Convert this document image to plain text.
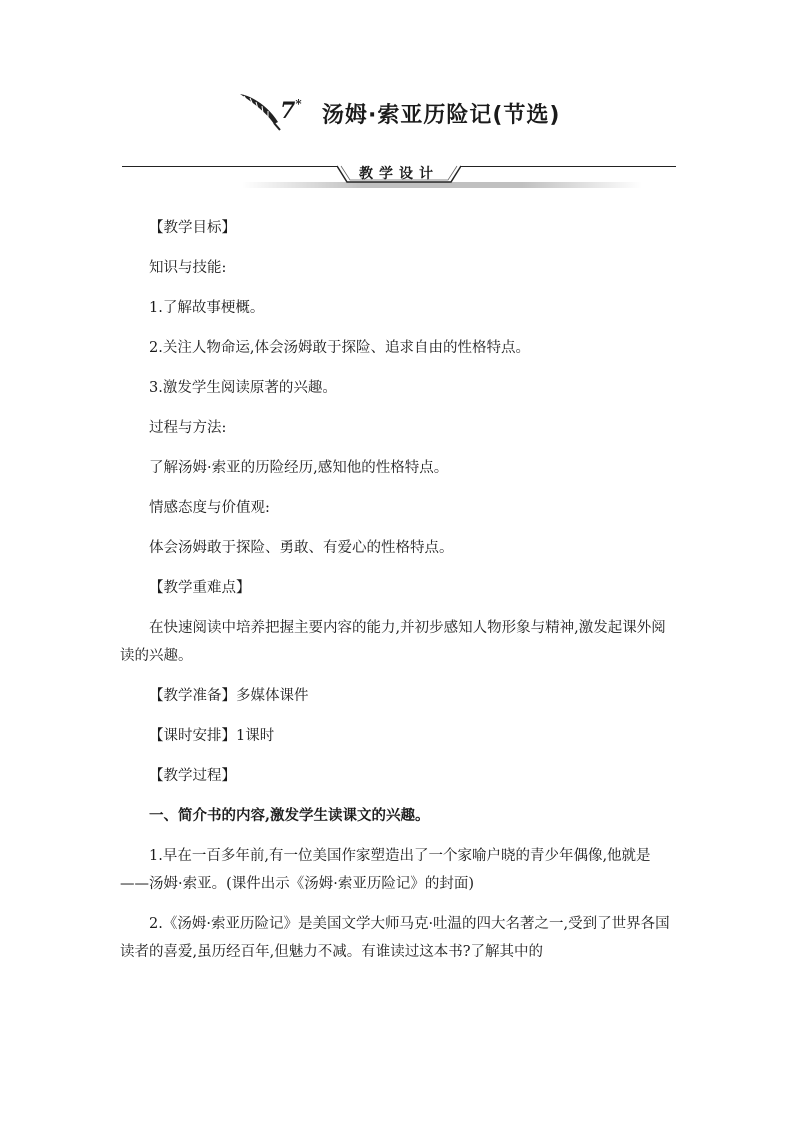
7* 汤姆·索亚历险记(节选)
教学设计

【教学目标】

知识与技能:

1.了解故事梗概。

2.关注人物命运,体会汤姆敢于探险、追求自由的性格特点。

3.激发学生阅读原著的兴趣。

过程与方法:

了解汤姆·索亚的历险经历,感知他的性格特点。

情感态度与价值观:

体会汤姆敢于探险、勇敢、有爱心的性格特点。

【教学重难点】

在快速阅读中培养把握主要内容的能力,并初步感知人物形象与精神,激发起课外阅读的兴趣。

【教学准备】多媒体课件

【课时安排】1课时

【教学过程】

一、简介书的内容,激发学生读课文的兴趣。

1.早在一百多年前,有一位美国作家塑造出了一个家喻户晓的青少年偶像,他就是——汤姆·索亚。(课件出示《汤姆·索亚历险记》的封面)

2.《汤姆·索亚历险记》是美国文学大师马克·吐温的四大名著之一,受到了世界各国读者的喜爱,虽历经百年,但魅力不减。有谁读过这本书?了解其中的
